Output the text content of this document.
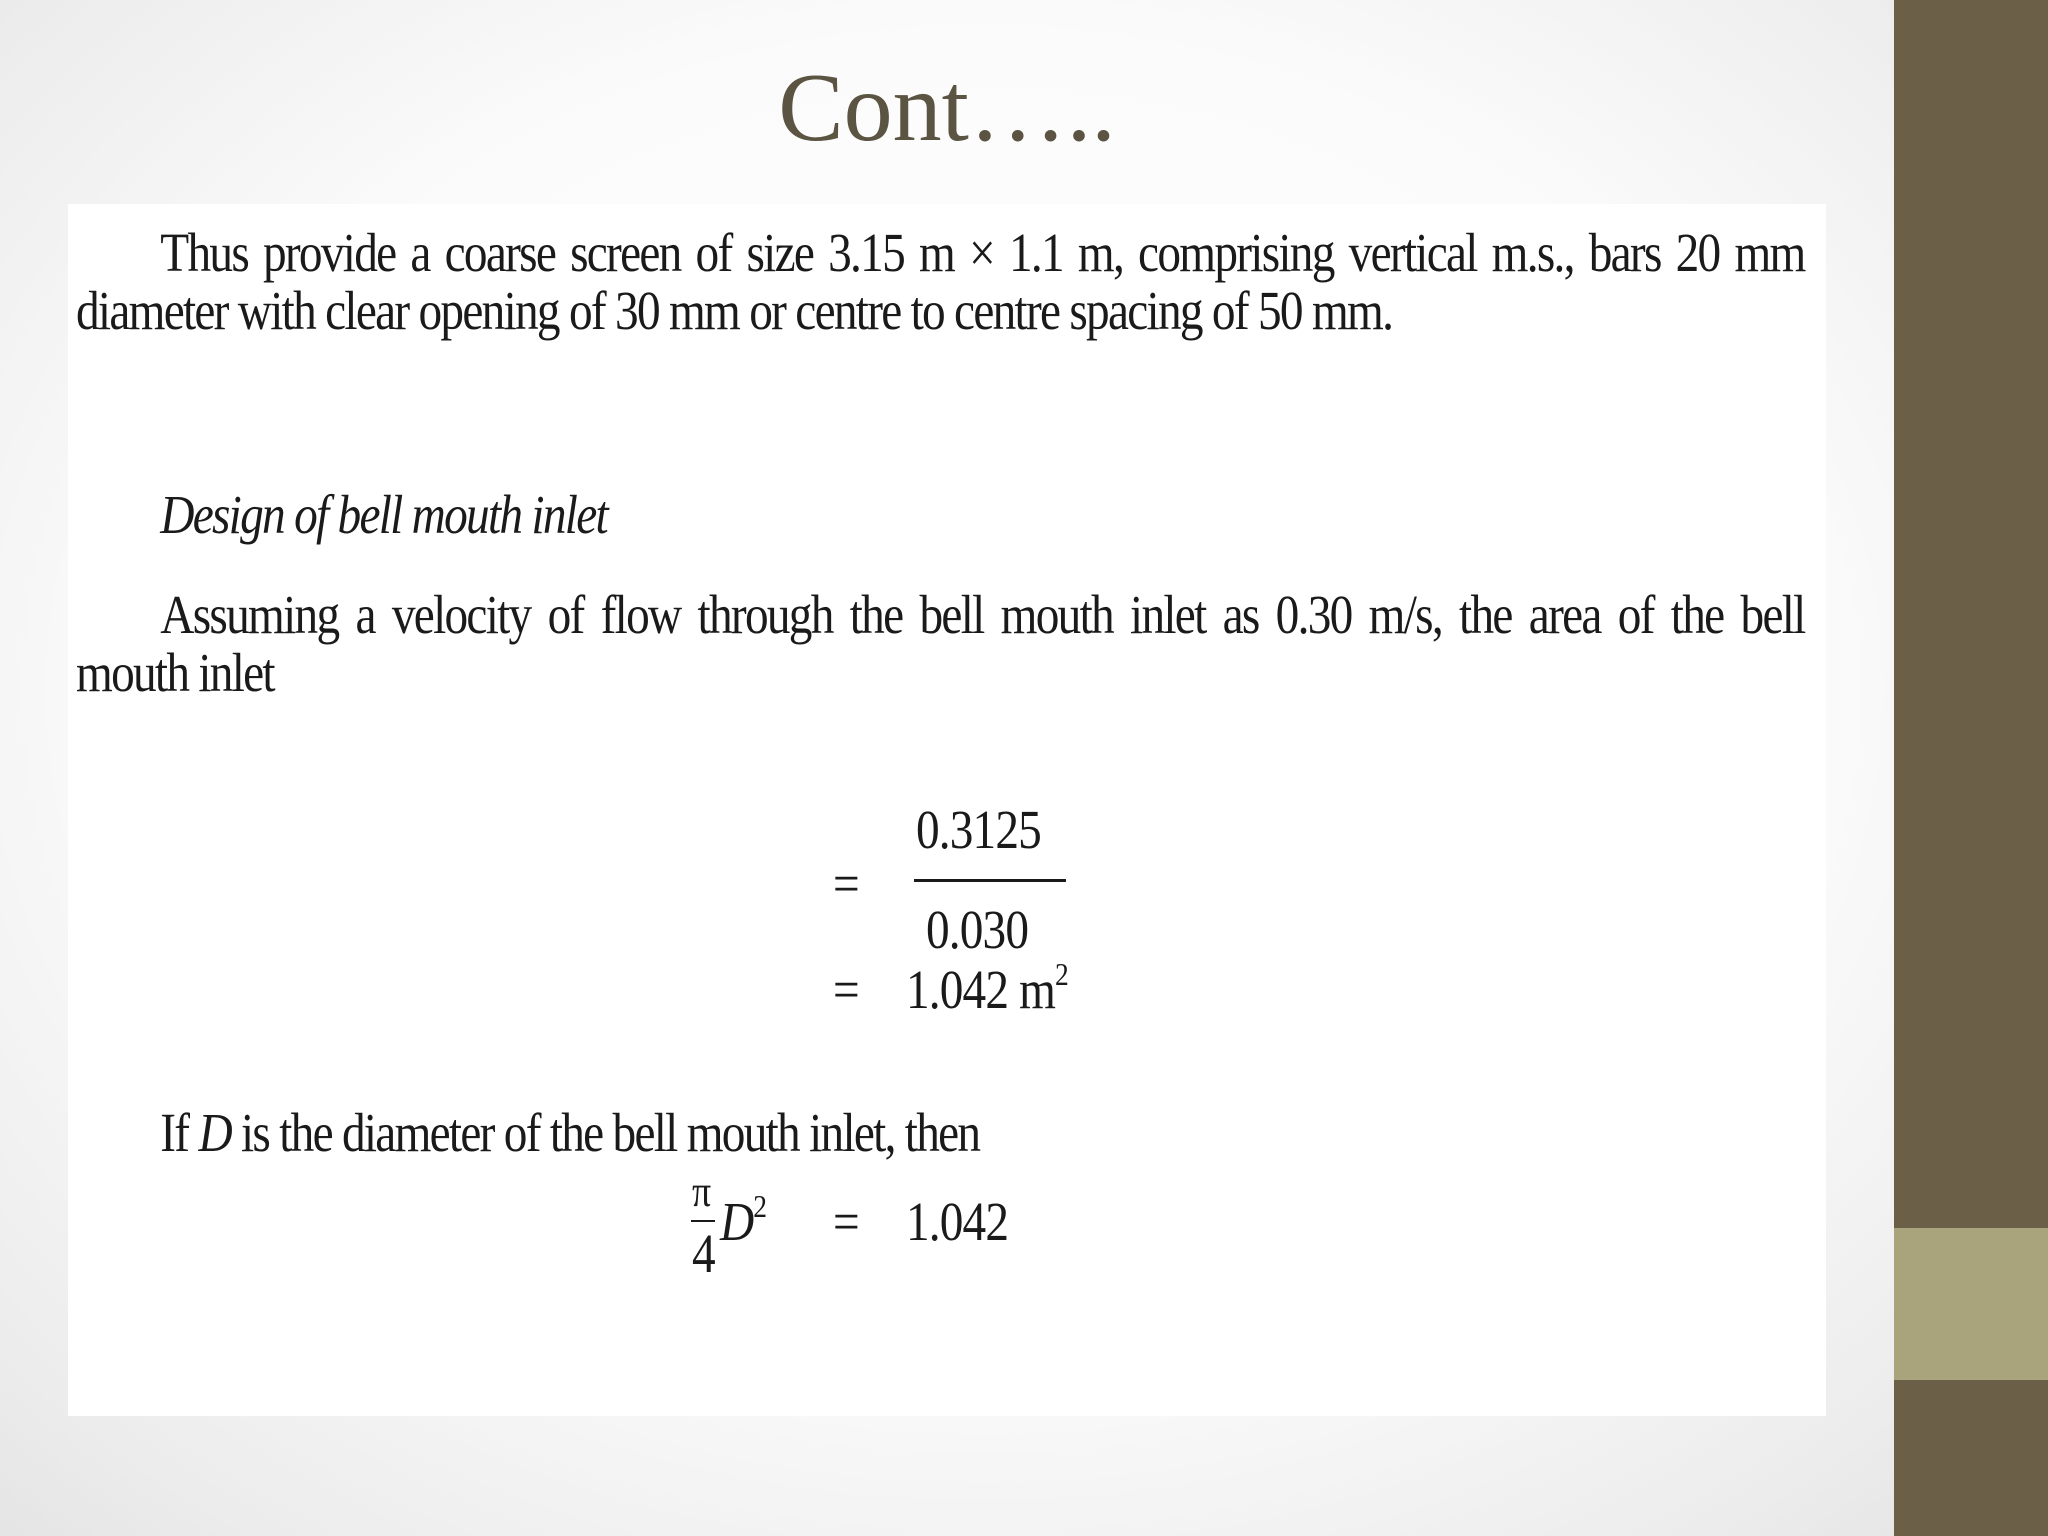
Cont…..
Thus provide a coarse screen of size 3.15 m × 1.1 m, comprising vertical m.s., bars 20 mm diameter with clear opening of 30 mm or centre to centre spacing of 50 mm.
Design of bell mouth inlet
Assuming a velocity of flow through the bell mouth inlet as 0.30 m/s, the area of the bell mouth inlet
=
0.3125
0.030
= 1.042 $m^2$
If D is the diameter of the bell mouth inlet, then
π
4
$D^2 = 1.042$
